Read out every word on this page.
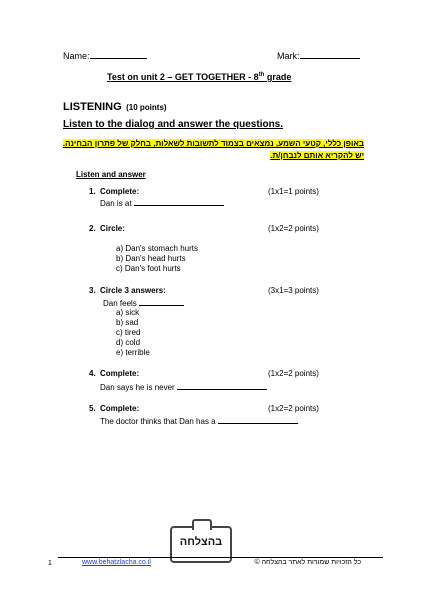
Name:	Mark:
Test on unit 2 – GET TOGETHER - 8th grade
LISTENING (10 points)
Listen to the dialog and answer the questions.
באופן כללי, קטעי השמע, נמצאים בצמוד לתשובות לשאלות, בחלק של פתרון הבחינה.
יש להקריא אותם לנבחן/ת.
Listen and answer
1. Complete:	(1x1=1 points)
Dan is at
2. Circle:	(1x2=2 points)
a) Dan's stomach hurts
b) Dan's head hurts
c) Dan's foot hurts
3. Circle 3 answers:	(3x1=3 points)
Dan feels
a) sick
b) sad
c) tired
d) cold
e) terrible
4. Complete:	(1x2=2 points)
Dan says he is never
5. Complete:	(1x2=2 points)
The doctor thinks that Dan has a
בהצלחה
1	www.behatzlacha.co.il	כל הזכויות שמורות לאתר בהצלחה ©
